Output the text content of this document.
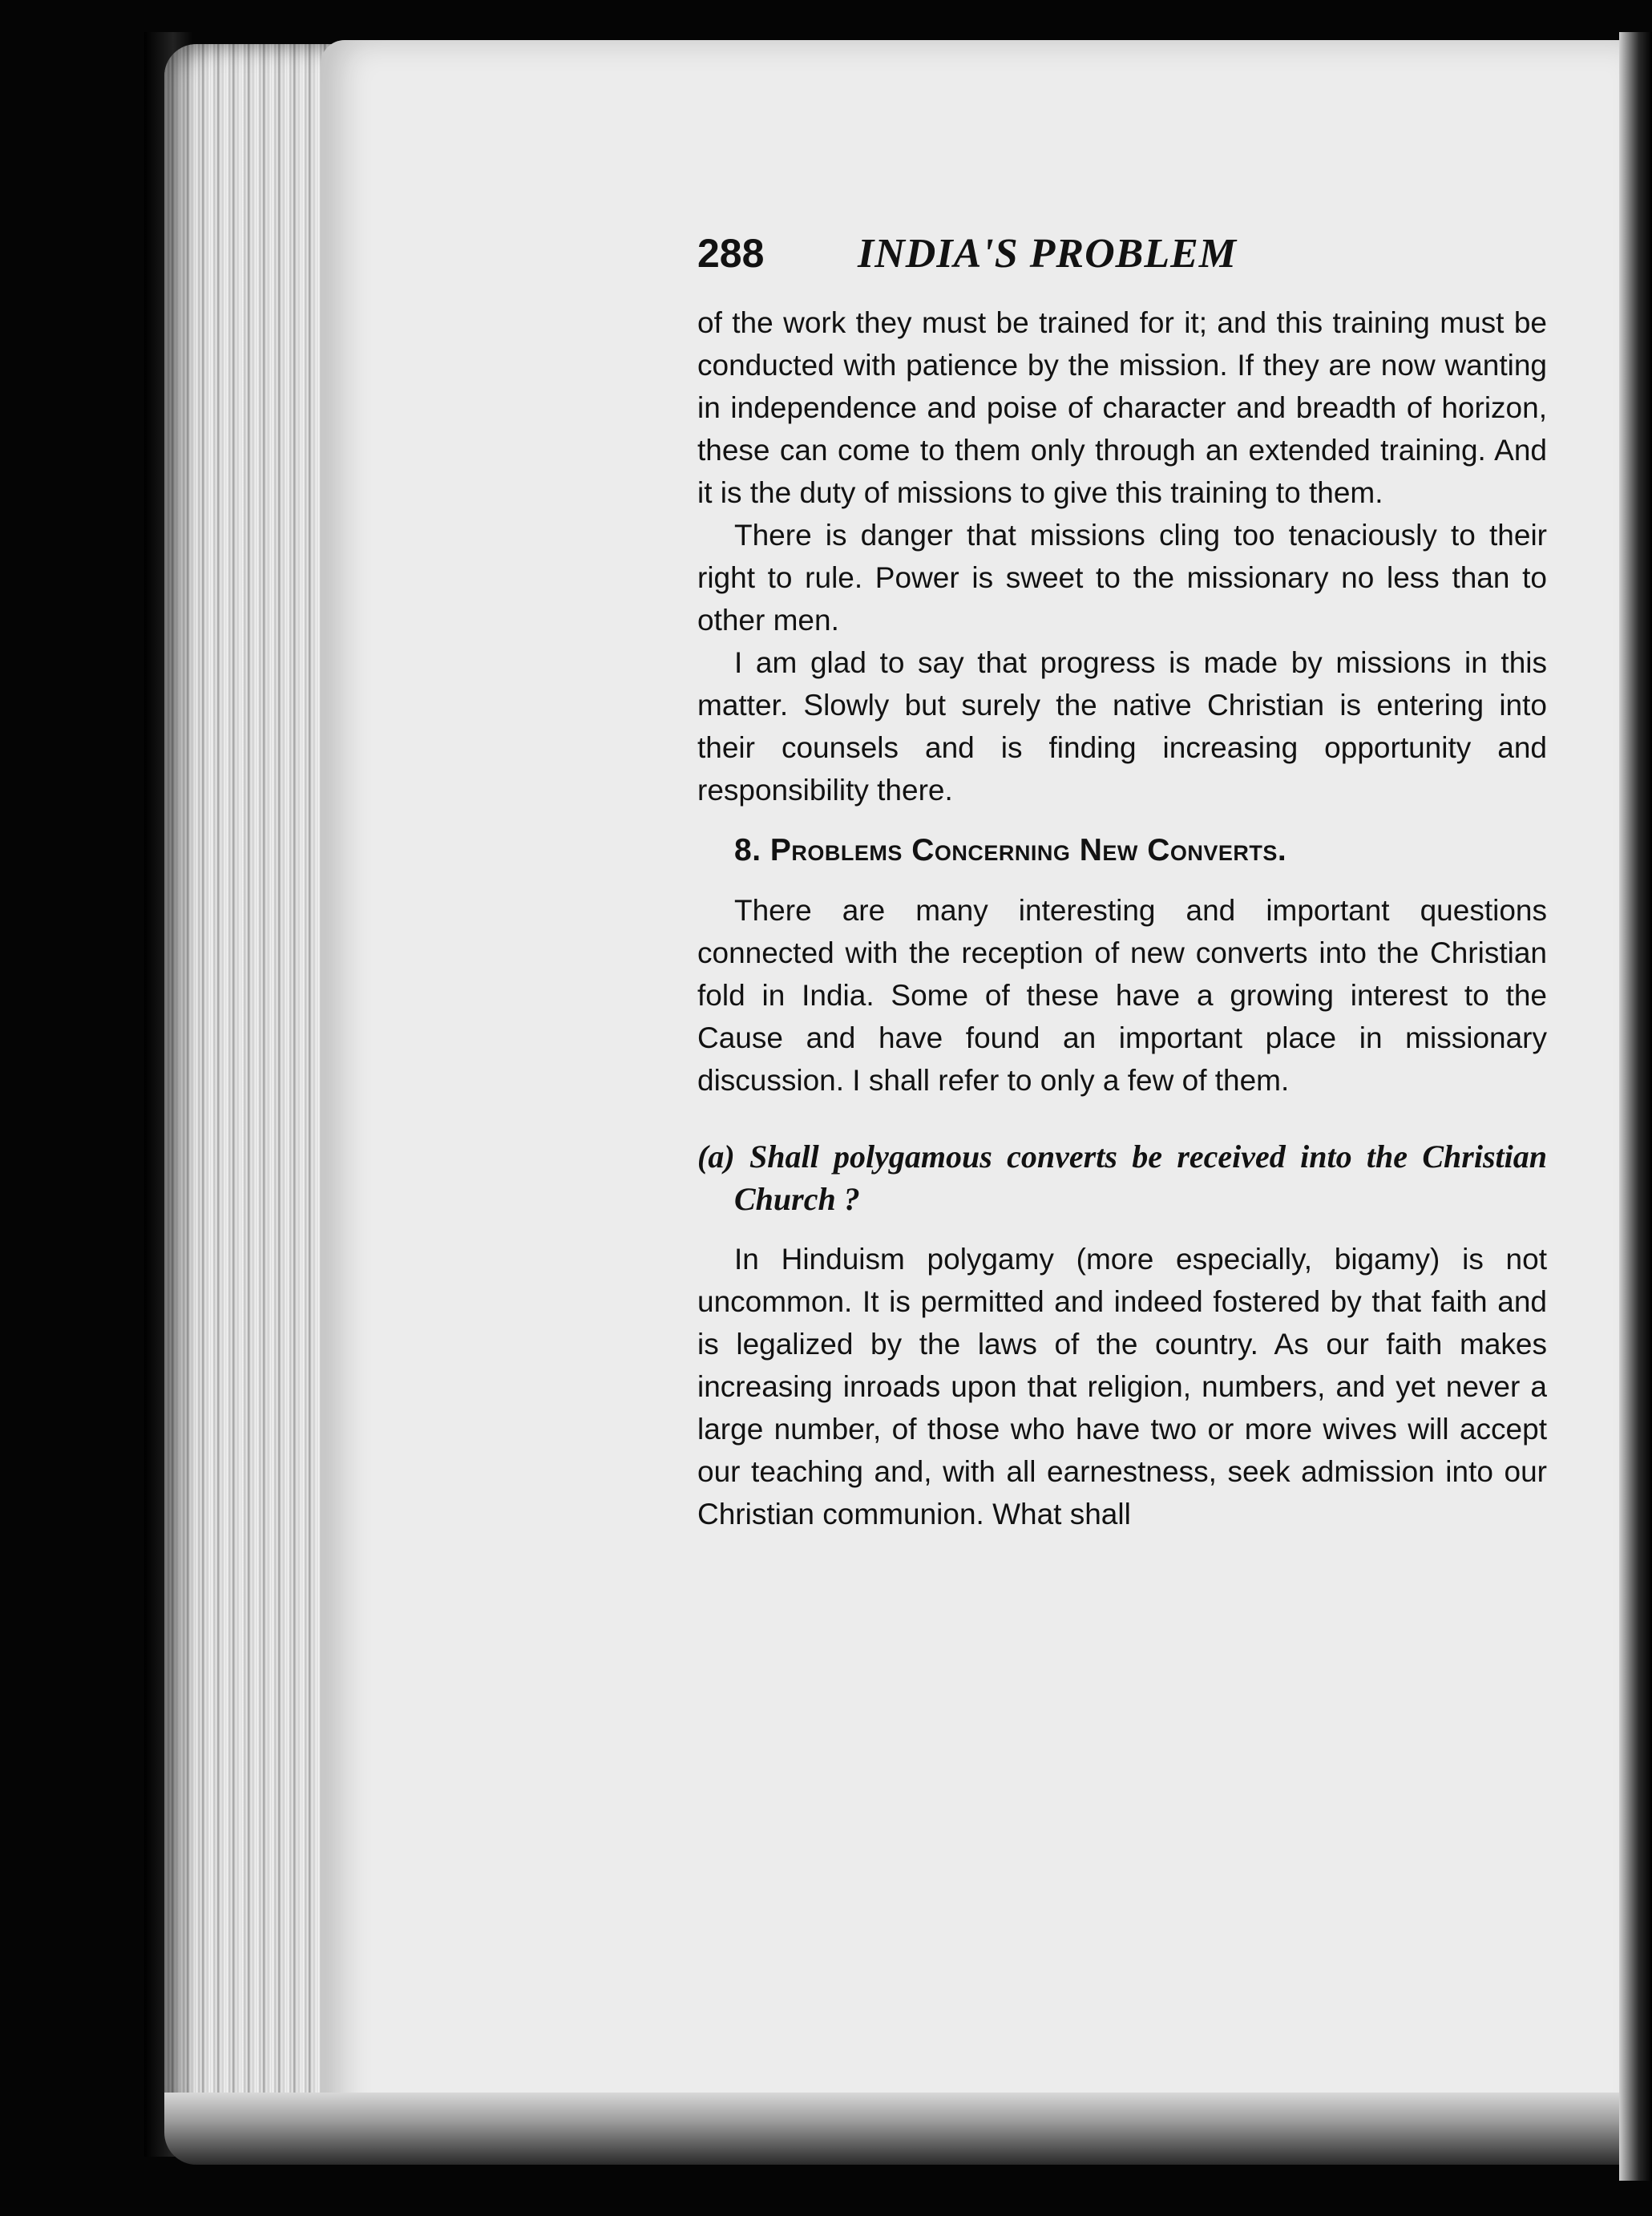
288	INDIA'S PROBLEM

of the work they must be trained for it; and this training must be conducted with patience by the mission. If they are now wanting in independence and poise of character and breadth of horizon, these can come to them only through an extended training. And it is the duty of missions to give this training to them.

There is danger that missions cling too tenaciously to their right to rule. Power is sweet to the missionary no less than to other men.

I am glad to say that progress is made by missions in this matter. Slowly but surely the native Christian is entering into their counsels and is finding increasing opportunity and responsibility there.

8. Problems Concerning New Converts.

There are many interesting and important questions connected with the reception of new converts into the Christian fold in India. Some of these have a growing interest to the Cause and have found an important place in missionary discussion. I shall refer to only a few of them.

(a) Shall polygamous converts be received into the Christian Church ?

In Hinduism polygamy (more especially, bigamy) is not uncommon. It is permitted and indeed fostered by that faith and is legalized by the laws of the country. As our faith makes increasing inroads upon that religion, numbers, and yet never a large number, of those who have two or more wives will accept our teaching and, with all earnestness, seek admission into our Christian communion. What shall
